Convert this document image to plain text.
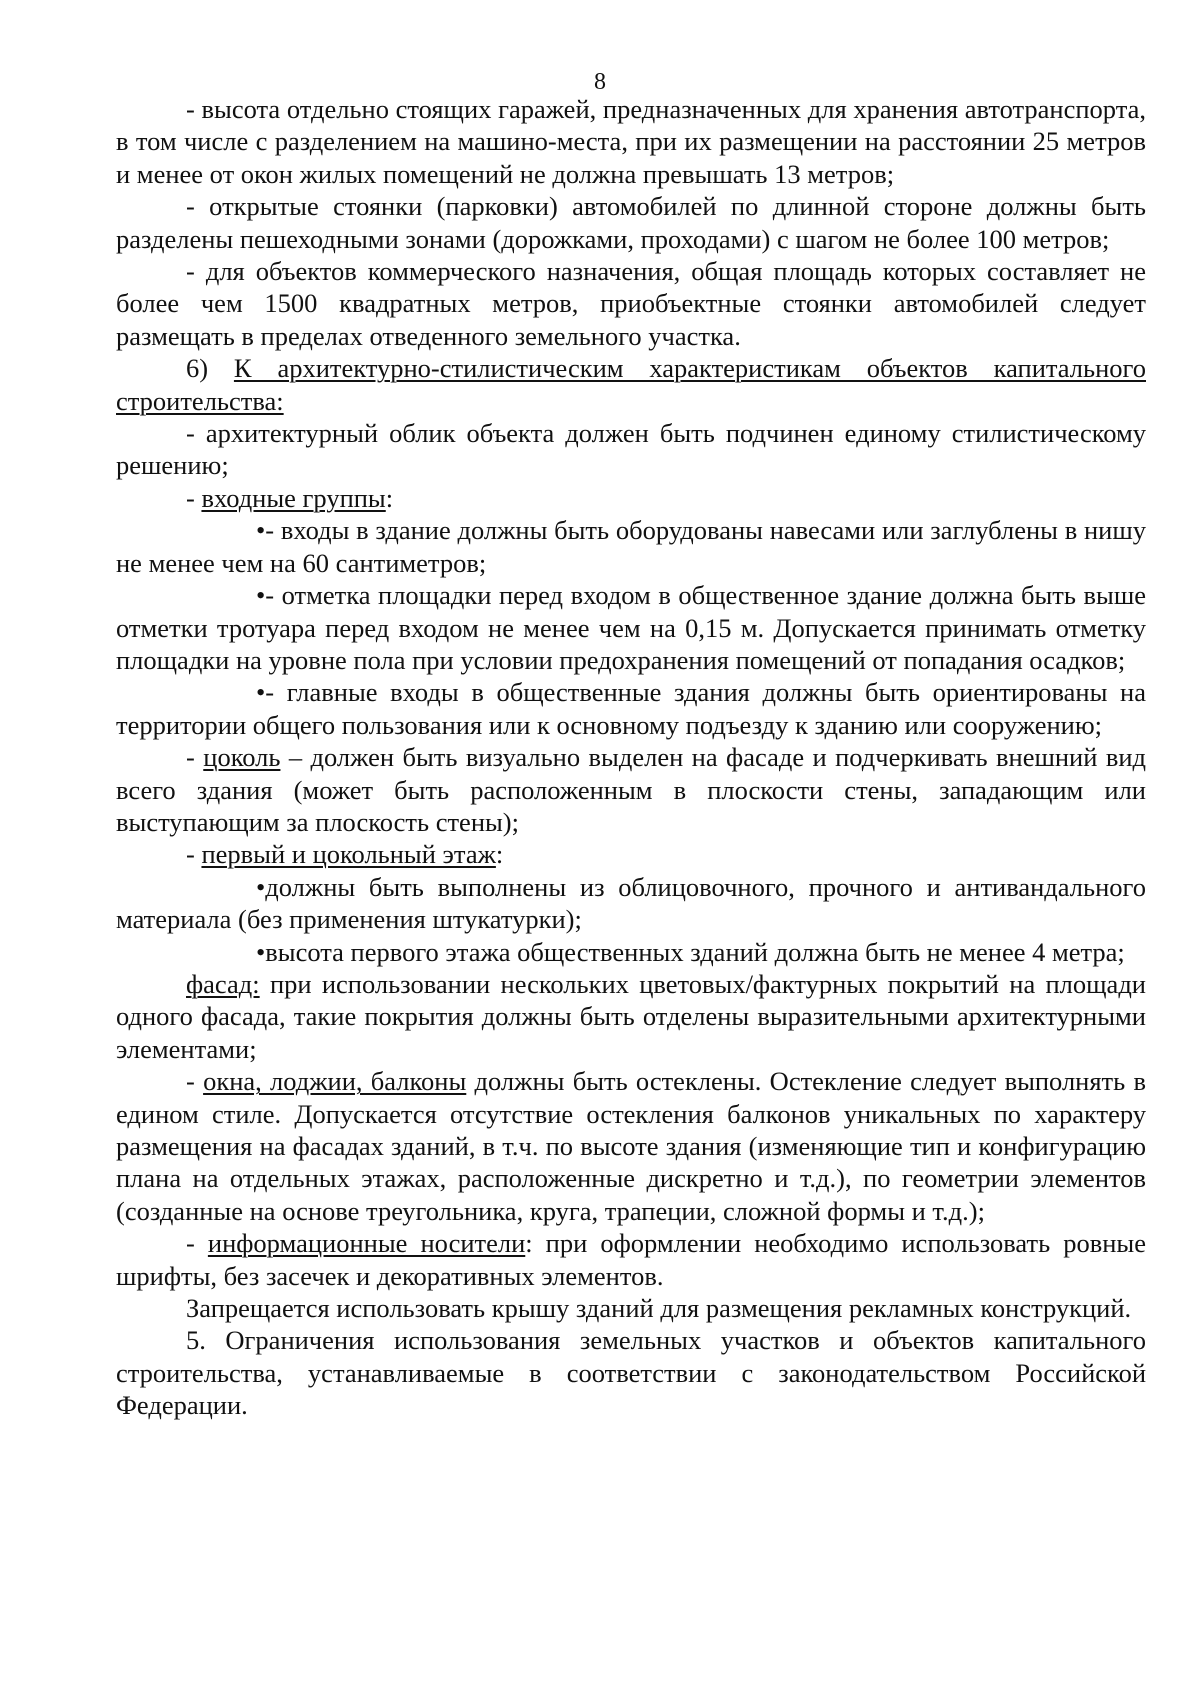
8

- высота отдельно стоящих гаражей, предназначенных для хранения автотранспорта, в том числе с разделением на машино-места, при их размещении на расстоянии 25 метров и менее от окон жилых помещений не должна превышать 13 метров;

- открытые стоянки (парковки) автомобилей по длинной стороне должны быть разделены пешеходными зонами (дорожками, проходами) с шагом не более 100 метров;

- для объектов коммерческого назначения, общая площадь которых составляет не более чем 1500 квадратных метров, приобъектные стоянки автомобилей следует размещать в пределах отведенного земельного участка.

6) К архитектурно-стилистическим характеристикам объектов капитального строительства:

- архитектурный облик объекта должен быть подчинен единому стилистическому решению;

- входные группы:

•- входы в здание должны быть оборудованы навесами или заглублены в нишу не менее чем на 60 сантиметров;

•- отметка площадки перед входом в общественное здание должна быть выше отметки тротуара перед входом не менее чем на 0,15 м. Допускается принимать отметку площадки на уровне пола при условии предохранения помещений от попадания осадков;

•- главные входы в общественные здания должны быть ориентированы на территории общего пользования или к основному подъезду к зданию или сооружению;

- цоколь – должен быть визуально выделен на фасаде и подчеркивать внешний вид всего здания (может быть расположенным в плоскости стены, западающим или выступающим за плоскость стены);

- первый и цокольный этаж:

•должны быть выполнены из облицовочного, прочного и антивандального материала (без применения штукатурки);

•высота первого этажа общественных зданий должна быть не менее 4 метра;

фасад: при использовании нескольких цветовых/фактурных покрытий на площади одного фасада, такие покрытия должны быть отделены выразительными архитектурными элементами;

- окна, лоджии, балконы должны быть остеклены. Остекление следует выполнять в едином стиле. Допускается отсутствие остекления балконов уникальных по характеру размещения на фасадах зданий, в т.ч. по высоте здания (изменяющие тип и конфигурацию плана на отдельных этажах, расположенные дискретно и т.д.), по геометрии элементов (созданные на основе треугольника, круга, трапеции, сложной формы и т.д.);

- информационные носители: при оформлении необходимо использовать ровные шрифты, без засечек и декоративных элементов.

Запрещается использовать крышу зданий для размещения рекламных конструкций.

5. Ограничения использования земельных участков и объектов капитального строительства, устанавливаемые в соответствии с законодательством Российской Федерации.
